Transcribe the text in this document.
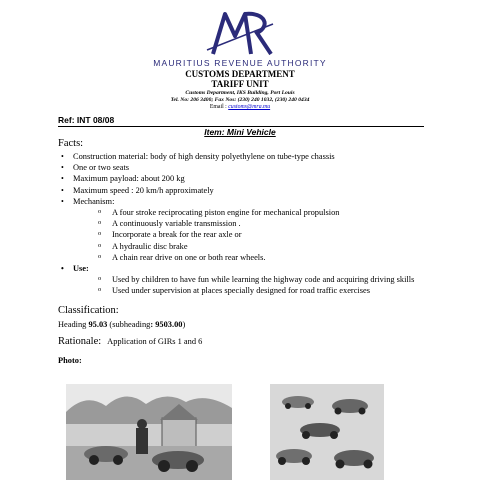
MAURITIUS REVENUE AUTHORITY
CUSTOMS DEPARTMENT
TARIFF UNIT
Customs Department, IKS Building, Port Louis
Tel. No: 206 3400; Fax Nos: (230) 240 1032, (230) 240 0434
Email : customs@mra.mu
Ref: INT 08/08
Item: Mini Vehicle
Facts:
• Construction material: body of high density polyethylene on tube-type chassis
• One or two seats
• Maximum payload: about 200 kg
• Maximum speed : 20 km/h approximately
• Mechanism:
o A four stroke reciprocating piston engine for mechanical propulsion
o A continuously variable transmission .
o Incorporate a break for the rear axle or
o A hydraulic disc brake
o A chain rear drive on one or both rear wheels.
• Use:
o Used by children to have fun while learning the highway code and acquiring driving skills
o Used under supervision at places specially designed for road traffic exercises
Classification:
Heading 95.03 (subheading: 9503.00)
Rationale: Application of GIRs 1 and 6
Photo:
